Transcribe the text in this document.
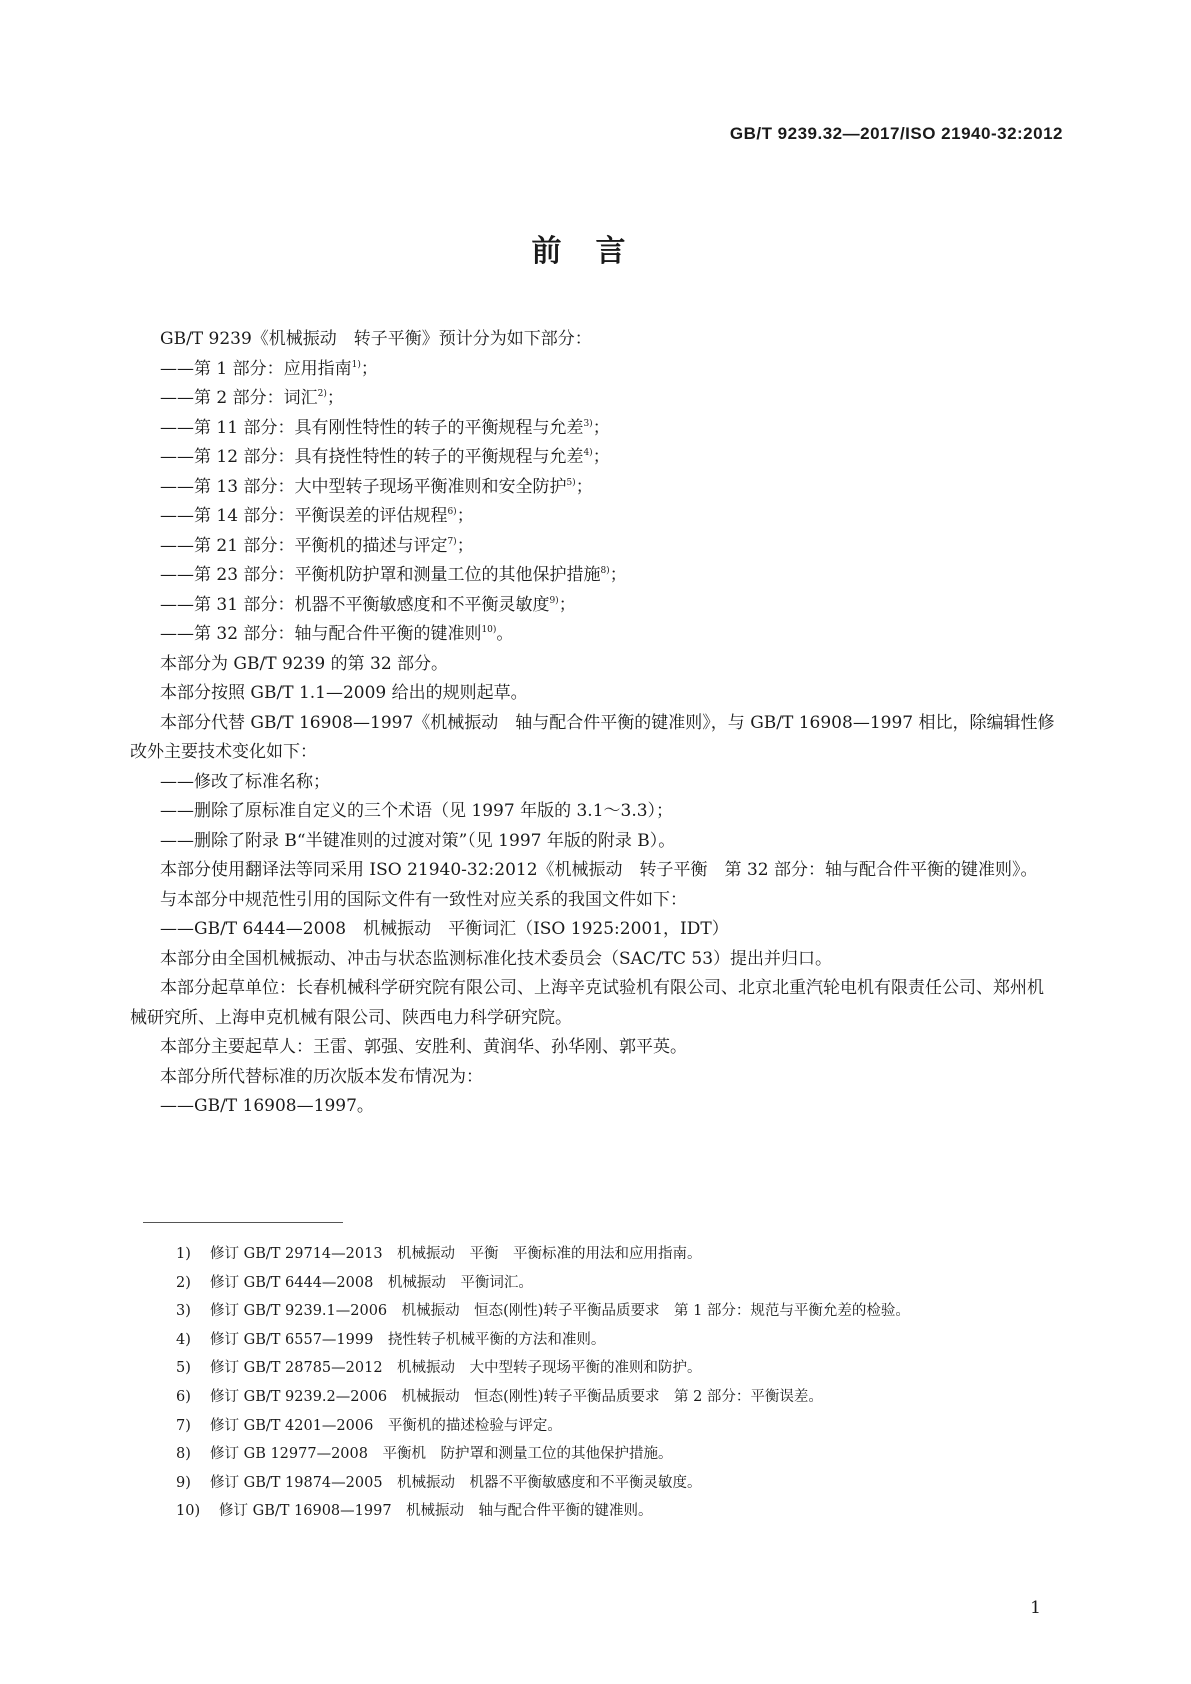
GB/T 9239.32—2017/ISO 21940-32:2012
前言
GB/T 9239《机械振动　转子平衡》预计分为如下部分：
——第 1 部分：应用指南$^{1)}$；
——第 2 部分：词汇$^{2)}$；
——第 11 部分：具有刚性特性的转子的平衡规程与允差$^{3)}$；
——第 12 部分：具有挠性特性的转子的平衡规程与允差$^{4)}$；
——第 13 部分：大中型转子现场平衡准则和安全防护$^{5)}$；
——第 14 部分：平衡误差的评估规程$^{6)}$；
——第 21 部分：平衡机的描述与评定$^{7)}$；
——第 23 部分：平衡机防护罩和测量工位的其他保护措施$^{8)}$；
——第 31 部分：机器不平衡敏感度和不平衡灵敏度$^{9)}$；
——第 32 部分：轴与配合件平衡的键准则$^{10)}$。
本部分为 GB/T 9239 的第 32 部分。
本部分按照 GB/T 1.1—2009 给出的规则起草。
本部分代替 GB/T 16908—1997《机械振动　轴与配合件平衡的键准则》，与 GB/T 16908—1997 相比，除编辑性修改外主要技术变化如下：
——修改了标准名称；
——删除了原标准自定义的三个术语（见 1997 年版的 3.1～3.3）；
——删除了附录 B“半键准则的过渡对策”（见 1997 年版的附录 B）。
本部分使用翻译法等同采用 ISO 21940-32:2012《机械振动　转子平衡　第 32 部分：轴与配合件平衡的键准则》。
与本部分中规范性引用的国际文件有一致性对应关系的我国文件如下：
——GB/T 6444—2008　机械振动　平衡词汇（ISO 1925:2001，IDT）
本部分由全国机械振动、冲击与状态监测标准化技术委员会（SAC/TC 53）提出并归口。
本部分起草单位：长春机械科学研究院有限公司、上海辛克试验机有限公司、北京北重汽轮电机有限责任公司、郑州机械研究所、上海申克机械有限公司、陕西电力科学研究院。
本部分主要起草人：王雷、郭强、安胜利、黄润华、孙华刚、郭平英。
本部分所代替标准的历次版本发布情况为：
——GB/T 16908—1997。
1) 修订 GB/T 29714—2013　机械振动　平衡　平衡标准的用法和应用指南。
2) 修订 GB/T 6444—2008　机械振动　平衡词汇。
3) 修订 GB/T 9239.1—2006　机械振动　恒态(刚性)转子平衡品质要求　第 1 部分：规范与平衡允差的检验。
4) 修订 GB/T 6557—1999　挠性转子机械平衡的方法和准则。
5) 修订 GB/T 28785—2012　机械振动　大中型转子现场平衡的准则和防护。
6) 修订 GB/T 9239.2—2006　机械振动　恒态(刚性)转子平衡品质要求　第 2 部分：平衡误差。
7) 修订 GB/T 4201—2006　平衡机的描述检验与评定。
8) 修订 GB 12977—2008　平衡机　防护罩和测量工位的其他保护措施。
9) 修订 GB/T 19874—2005　机械振动　机器不平衡敏感度和不平衡灵敏度。
10) 修订 GB/T 16908—1997　机械振动　轴与配合件平衡的键准则。
1
